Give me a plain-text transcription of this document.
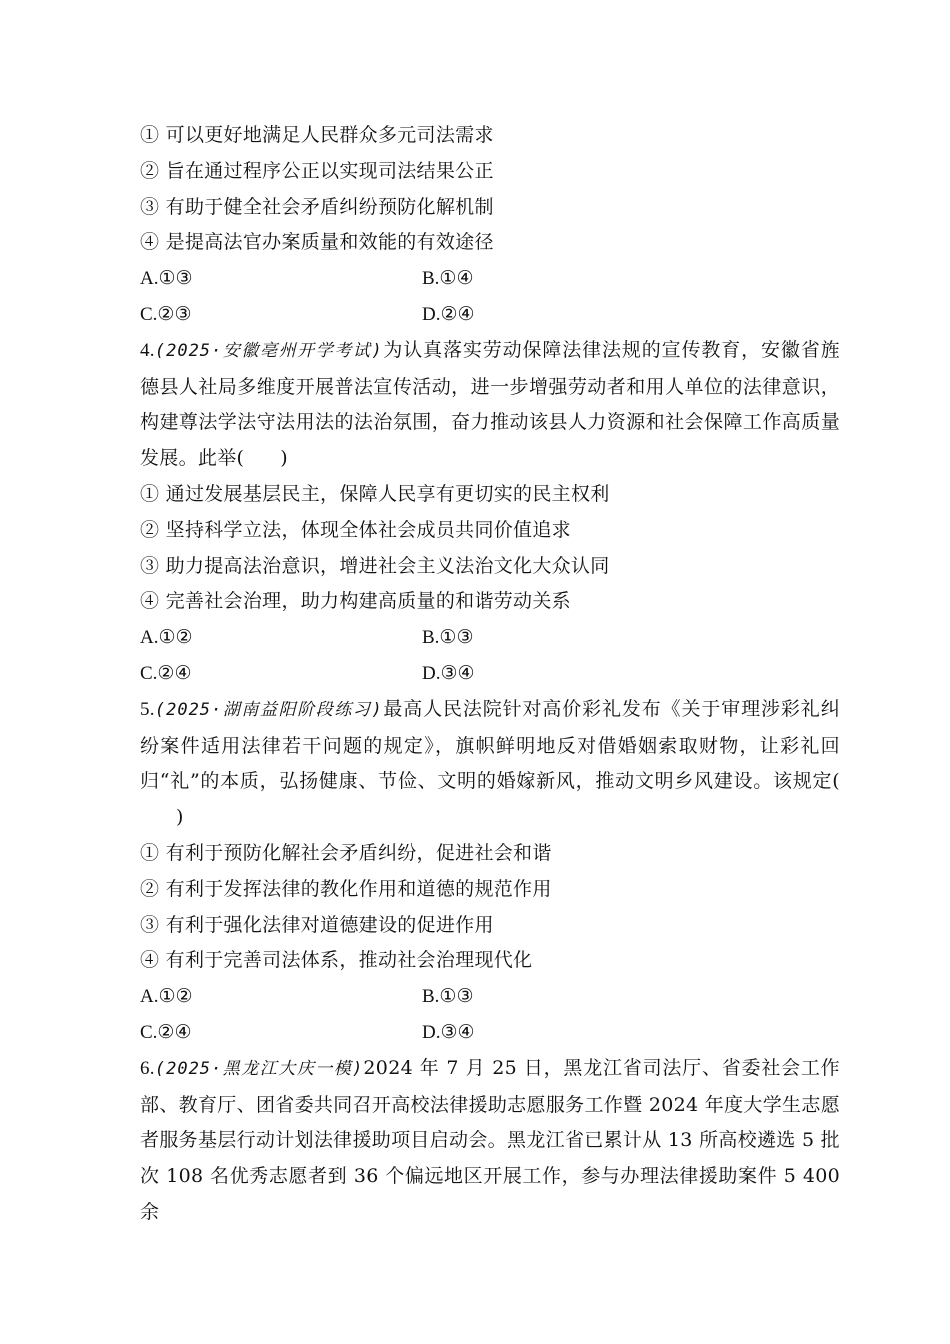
① 可以更好地满足人民群众多元司法需求
② 旨在通过程序公正以实现司法结果公正
③ 有助于健全社会矛盾纠纷预防化解机制
④ 是提高法官办案质量和效能的有效途径
A.①③	B.①④
C.②③	D.②④
4.(2025·安徽亳州开学考试)为认真落实劳动保障法律法规的宣传教育，安徽省旌德县人社局多维度开展普法宣传活动，进一步增强劳动者和用人单位的法律意识，构建尊法学法守法用法的法治氛围，奋力推动该县人力资源和社会保障工作高质量发展。此举( )
① 通过发展基层民主，保障人民享有更切实的民主权利
② 坚持科学立法，体现全体社会成员共同价值追求
③ 助力提高法治意识，增进社会主义法治文化大众认同
④ 完善社会治理，助力构建高质量的和谐劳动关系
A.①②	B.①③
C.②④	D.③④
5.(2025·湖南益阳阶段练习)最高人民法院针对高价彩礼发布《关于审理涉彩礼纠纷案件适用法律若干问题的规定》，旗帜鲜明地反对借婚姻索取财物，让彩礼回归“礼”的本质，弘扬健康、节俭、文明的婚嫁新风，推动文明乡风建设。该规定()
① 有利于预防化解社会矛盾纠纷，促进社会和谐
② 有利于发挥法律的教化作用和道德的规范作用
③ 有利于强化法律对道德建设的促进作用
④ 有利于完善司法体系，推动社会治理现代化
A.①②	B.①③
C.②④	D.③④
6.(2025·黑龙江大庆一模)2024 年 7 月 25 日，黑龙江省司法厅、省委社会工作部、教育厅、团省委共同召开高校法律援助志愿服务工作暨 2024 年度大学生志愿者服务基层行动计划法律援助项目启动会。黑龙江省已累计从 13 所高校遴选 5 批次 108 名优秀志愿者到 36 个偏远地区开展工作，参与办理法律援助案件 5 400 余
